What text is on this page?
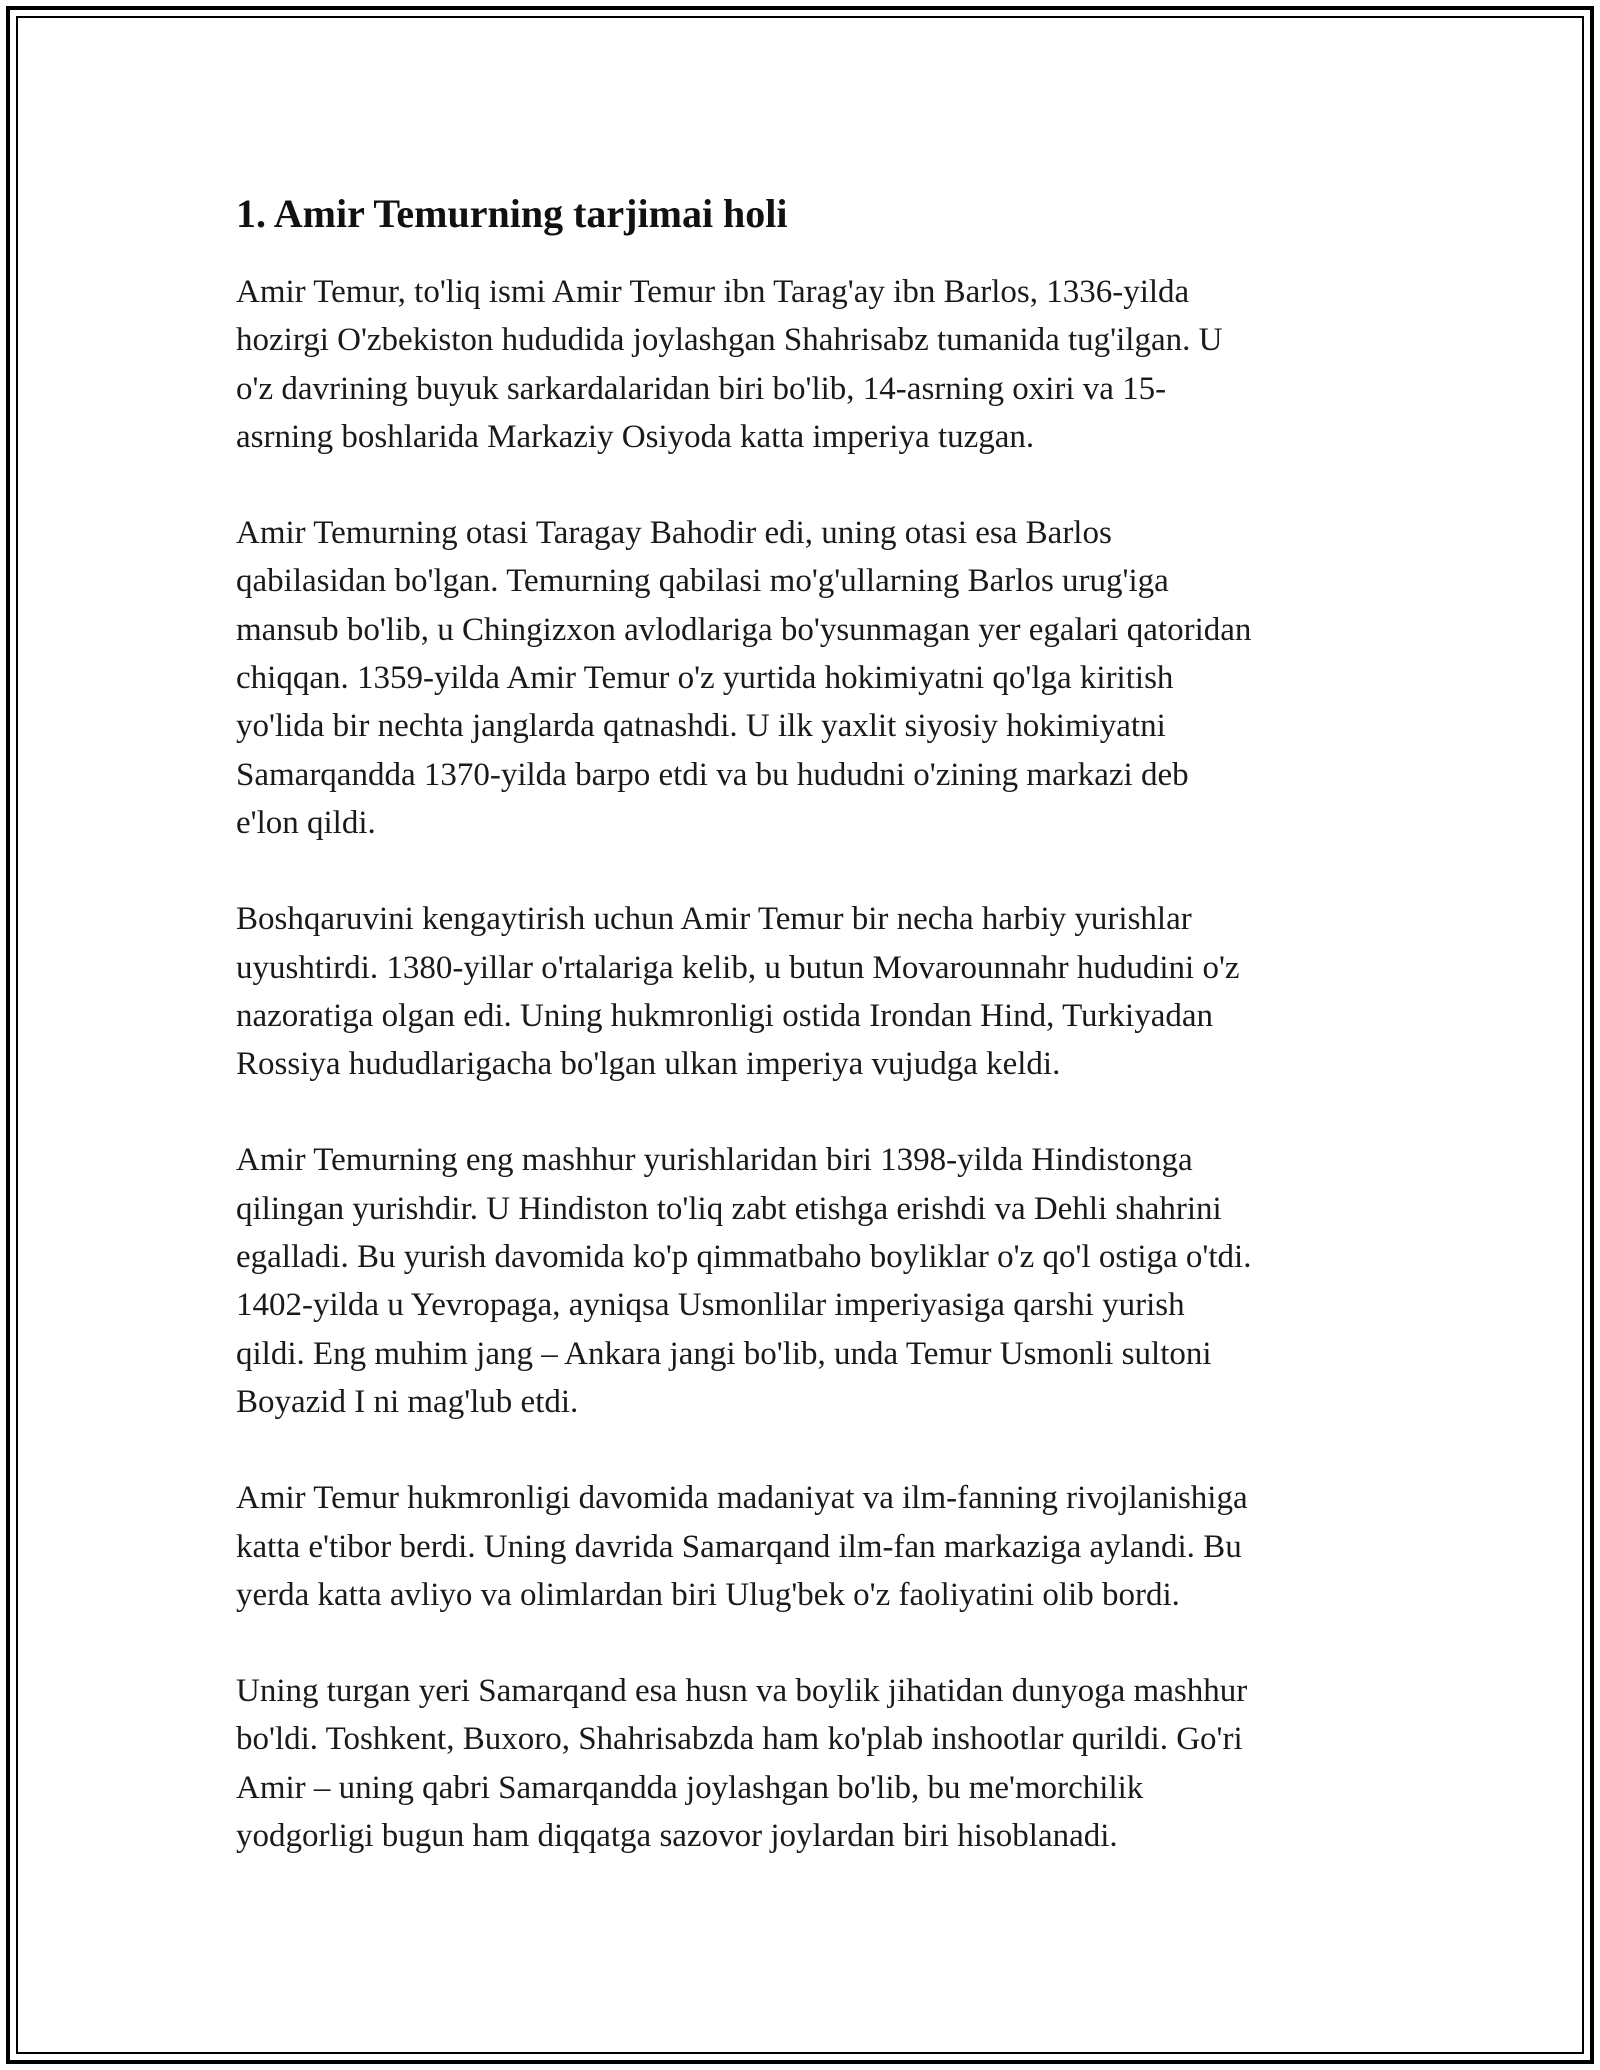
1. Amir Temurning tarjimai holi

Amir Temur, to'liq ismi Amir Temur ibn Tarag'ay ibn Barlos, 1336-yilda
hozirgi O'zbekiston hududida joylashgan Shahrisabz tumanida tug'ilgan. U
o'z davrining buyuk sarkardalaridan biri bo'lib, 14-asrning oxiri va 15-
asrning boshlarida Markaziy Osiyoda katta imperiya tuzgan.

Amir Temurning otasi Taragay Bahodir edi, uning otasi esa Barlos
qabilasidan bo'lgan. Temurning qabilasi mo'g'ullarning Barlos urug'iga
mansub bo'lib, u Chingizxon avlodlariga bo'ysunmagan yer egalari qatoridan
chiqqan. 1359-yilda Amir Temur o'z yurtida hokimiyatni qo'lga kiritish
yo'lida bir nechta janglarda qatnashdi. U ilk yaxlit siyosiy hokimiyatni
Samarqandda 1370-yilda barpo etdi va bu hududni o'zining markazi deb
e'lon qildi.

Boshqaruvini kengaytirish uchun Amir Temur bir necha harbiy yurishlar
uyushtirdi. 1380-yillar o'rtalariga kelib, u butun Movarounnahr hududini o'z
nazoratiga olgan edi. Uning hukmronligi ostida Irondan Hind, Turkiyadan
Rossiya hududlarigacha bo'lgan ulkan imperiya vujudga keldi.

Amir Temurning eng mashhur yurishlaridan biri 1398-yilda Hindistonga
qilingan yurishdir. U Hindiston to'liq zabt etishga erishdi va Dehli shahrini
egalladi. Bu yurish davomida ko'p qimmatbaho boyliklar o'z qo'l ostiga o'tdi.
1402-yilda u Yevropaga, ayniqsa Usmonlilar imperiyasiga qarshi yurish
qildi. Eng muhim jang – Ankara jangi bo'lib, unda Temur Usmonli sultoni
Boyazid I ni mag'lub etdi.

Amir Temur hukmronligi davomida madaniyat va ilm-fanning rivojlanishiga
katta e'tibor berdi. Uning davrida Samarqand ilm-fan markaziga aylandi. Bu
yerda katta avliyo va olimlardan biri Ulug'bek o'z faoliyatini olib bordi.

Uning turgan yeri Samarqand esa husn va boylik jihatidan dunyoga mashhur
bo'ldi. Toshkent, Buxoro, Shahrisabzda ham ko'plab inshootlar qurildi. Go'ri
Amir – uning qabri Samarqandda joylashgan bo'lib, bu me'morchilik
yodgorligi bugun ham diqqatga sazovor joylardan biri hisoblanadi.
